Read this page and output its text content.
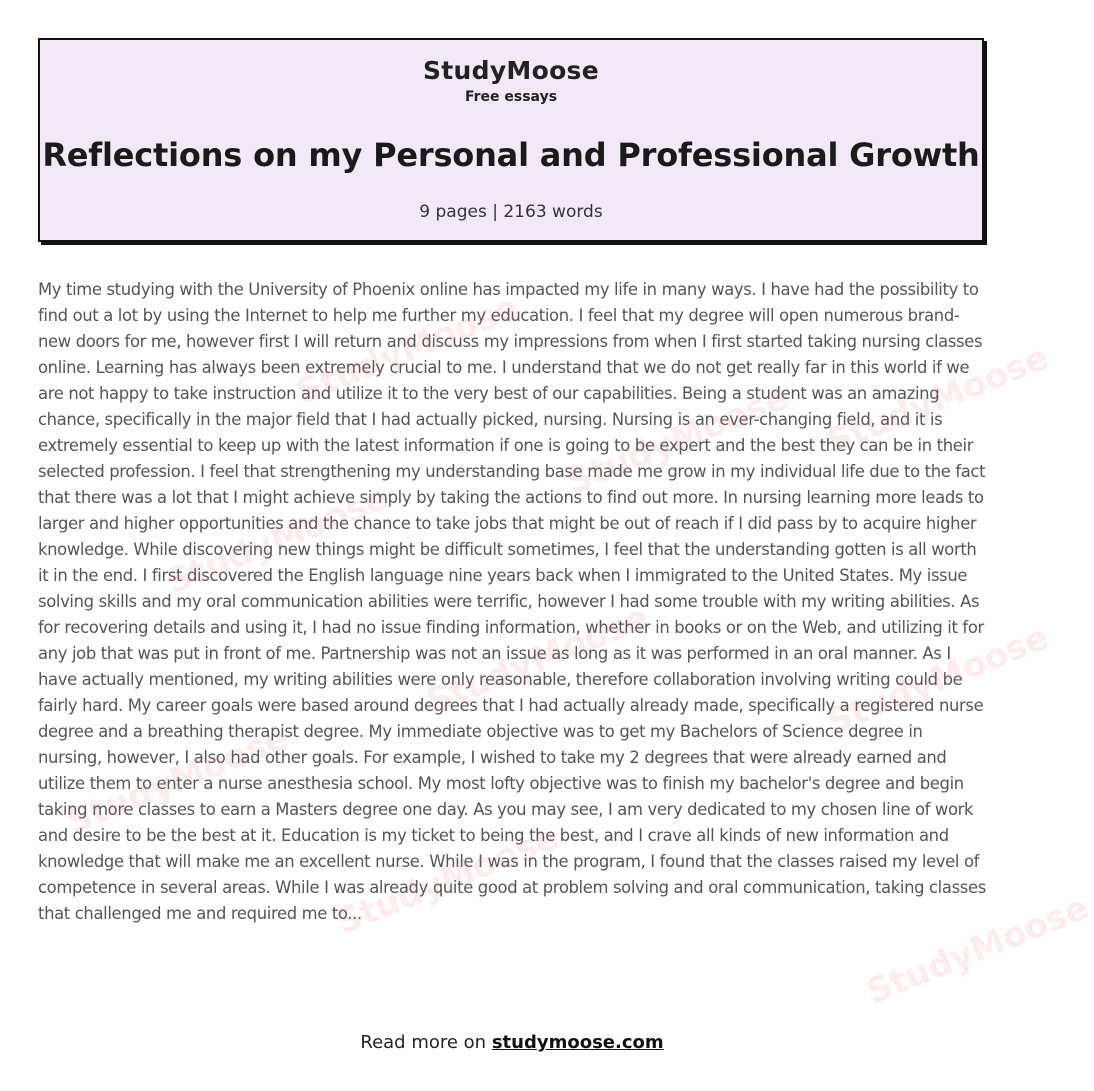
StudyMoose
Free essays
Reflections on my Personal and Professional Growth
9 pages | 2163 words

My time studying with the University of Phoenix online has impacted my life in many ways. I have had the possibility to find out a lot by using the Internet to help me further my education. I feel that my degree will open numerous brand-new doors for me, however first I will return and discuss my impressions from when I first started taking nursing classes online. Learning has always been extremely crucial to me. I understand that we do not get really far in this world if we are not happy to take instruction and utilize it to the very best of our capabilities. Being a student was an amazing chance, specifically in the major field that I had actually picked, nursing. Nursing is an ever-changing field, and it is extremely essential to keep up with the latest information if one is going to be expert and the best they can be in their selected profession. I feel that strengthening my understanding base made me grow in my individual life due to the fact that there was a lot that I might achieve simply by taking the actions to find out more. In nursing learning more leads to larger and higher opportunities and the chance to take jobs that might be out of reach if I did pass by to acquire higher knowledge. While discovering new things might be difficult sometimes, I feel that the understanding gotten is all worth it in the end. I first discovered the English language nine years back when I immigrated to the United States. My issue solving skills and my oral communication abilities were terrific, however I had some trouble with my writing abilities. As for recovering details and using it, I had no issue finding information, whether in books or on the Web, and utilizing it for any job that was put in front of me. Partnership was not an issue as long as it was performed in an oral manner. As I have actually mentioned, my writing abilities were only reasonable, therefore collaboration involving writing could be fairly hard. My career goals were based around degrees that I had actually already made, specifically a registered nurse degree and a breathing therapist degree. My immediate objective was to get my Bachelors of Science degree in nursing, however, I also had other goals. For example, I wished to take my 2 degrees that were already earned and utilize them to enter a nurse anesthesia school. My most lofty objective was to finish my bachelor's degree and begin taking more classes to earn a Masters degree one day. As you may see, I am very dedicated to my chosen line of work and desire to be the best at it. Education is my ticket to being the best, and I crave all kinds of new information and knowledge that will make me an excellent nurse. While I was in the program, I found that the classes raised my level of competence in several areas. While I was already quite good at problem solving and oral communication, taking classes that challenged me and required me to...

StudyMoose
StudyMoose StudyMoose
StudyMoose
StudyMoose	StudyMoose
StudyMoose
StudyMoose
StudyMoose
Read more on studymoose.com
